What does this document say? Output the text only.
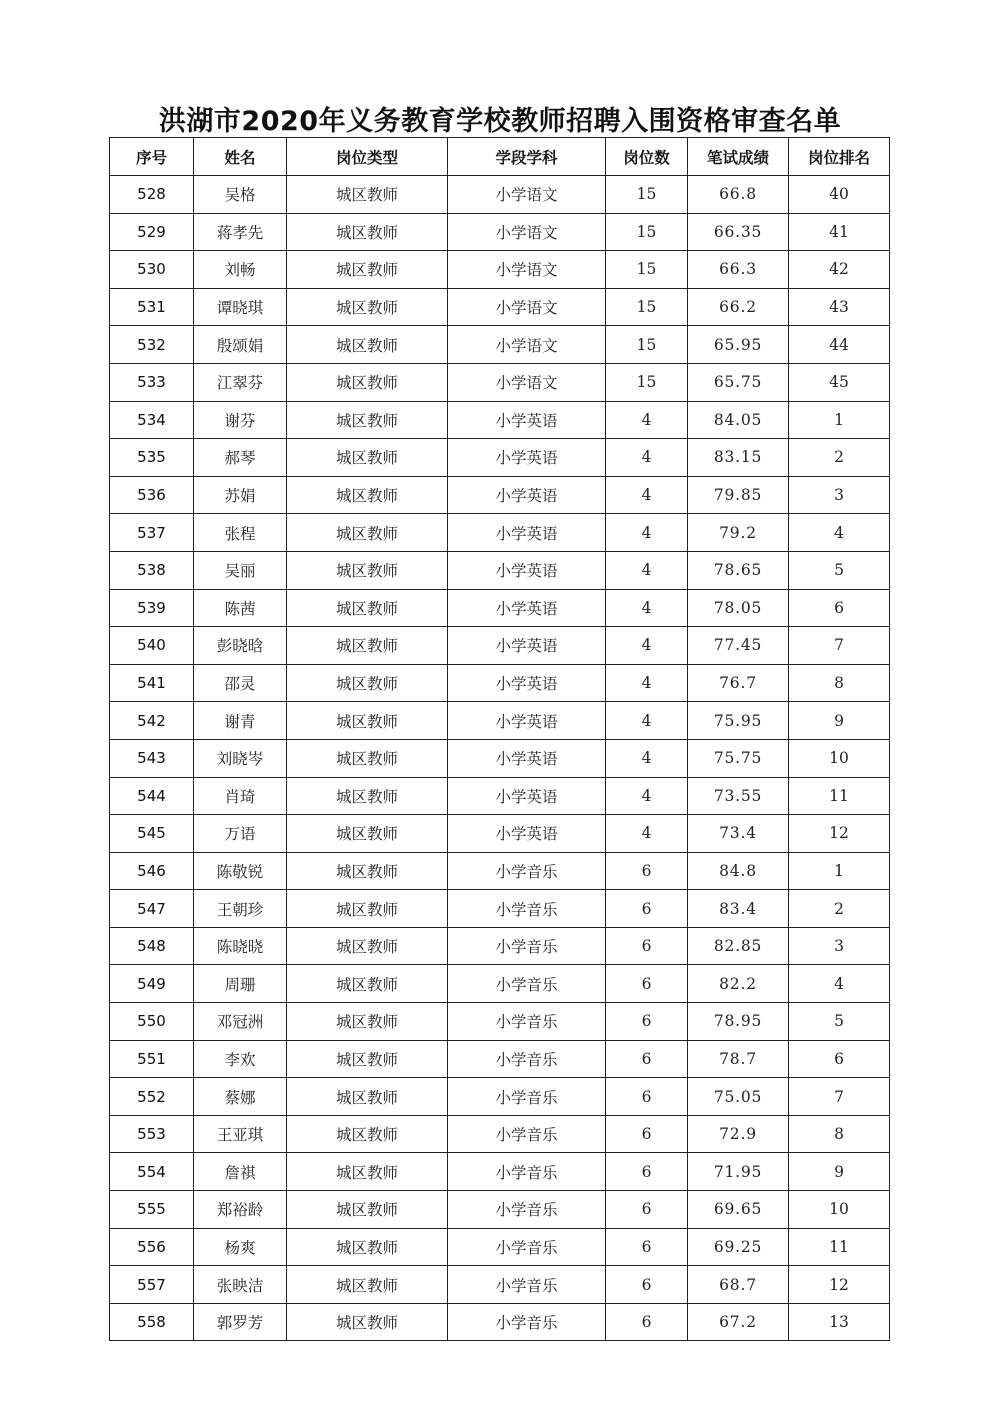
洪湖市2020年义务教育学校教师招聘入围资格审查名单
序号	姓名	岗位类型	学段学科	岗位数	笔试成绩	岗位排名
528	吴格	城区教师	小学语文	15	66.8	40
529	蒋孝先	城区教师	小学语文	15	66.35	41
530	刘畅	城区教师	小学语文	15	66.3	42
531	谭晓琪	城区教师	小学语文	15	66.2	43
532	殷颂娟	城区教师	小学语文	15	65.95	44
533	江翠芬	城区教师	小学语文	15	65.75	45
534	谢芬	城区教师	小学英语	4	84.05	1
535	郝琴	城区教师	小学英语	4	83.15	2
536	苏娟	城区教师	小学英语	4	79.85	3
537	张程	城区教师	小学英语	4	79.2	4
538	吴丽	城区教师	小学英语	4	78.65	5
539	陈茜	城区教师	小学英语	4	78.05	6
540	彭晓晗	城区教师	小学英语	4	77.45	7
541	邵灵	城区教师	小学英语	4	76.7	8
542	谢青	城区教师	小学英语	4	75.95	9
543	刘晓岑	城区教师	小学英语	4	75.75	10
544	肖琦	城区教师	小学英语	4	73.55	11
545	万语	城区教师	小学英语	4	73.4	12
546	陈敬锐	城区教师	小学音乐	6	84.8	1
547	王朝珍	城区教师	小学音乐	6	83.4	2
548	陈晓晓	城区教师	小学音乐	6	82.85	3
549	周珊	城区教师	小学音乐	6	82.2	4
550	邓冠洲	城区教师	小学音乐	6	78.95	5
551	李欢	城区教师	小学音乐	6	78.7	6
552	蔡娜	城区教师	小学音乐	6	75.05	7
553	王亚琪	城区教师	小学音乐	6	72.9	8
554	詹祺	城区教师	小学音乐	6	71.95	9
555	郑裕龄	城区教师	小学音乐	6	69.65	10
556	杨爽	城区教师	小学音乐	6	69.25	11
557	张映洁	城区教师	小学音乐	6	68.7	12
558	郭罗芳	城区教师	小学音乐	6	67.2	13
